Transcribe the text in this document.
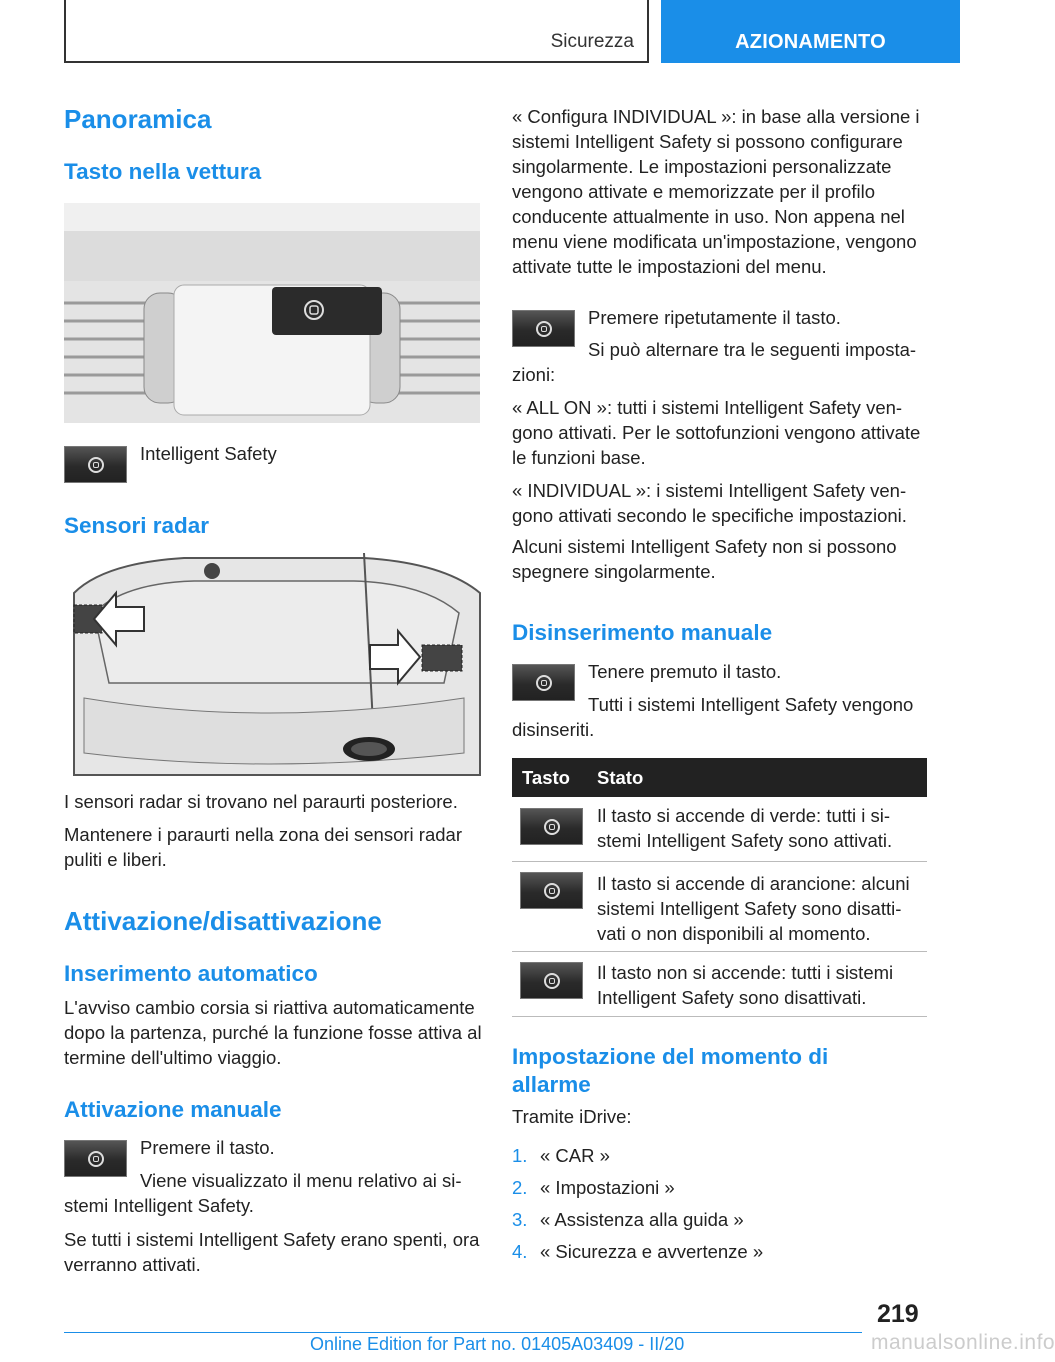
Sicurezza	AZIONAMENTO
Panoramica
Tasto nella vettura

Intelligent Safety

Sensori radar

I sensori radar si trovano nel paraurti posteriore.

Mantenere i paraurti nella zona dei sensori radar puliti e liberi.

Attivazione/disattivazione
Inserimento automatico

L'avviso cambio corsia si riattiva automaticamente dopo la partenza, purché la funzione fosse attiva al termine dell'ultimo viaggio.

Attivazione manuale

Premere il tasto.

Viene visualizzato il menu relativo ai sistemi Intelligent Safety.

Se tutti i sistemi Intelligent Safety erano spenti, ora verranno attivati.

« Configura INDIVIDUAL »: in base alla versione i sistemi Intelligent Safety si possono configurare singolarmente. Le impostazioni personalizzate vengono attivate e memorizzate per il profilo conducente attualmente in uso. Non appena nel menu viene modificata un'impostazione, vengono attivate tutte le impostazioni del menu.

Premere ripetutamente il tasto.

Si può alternare tra le seguenti impostazioni:

« ALL ON »: tutti i sistemi Intelligent Safety vengono attivati. Per le sottofunzioni vengono attivate le funzioni base.

« INDIVIDUAL »: i sistemi Intelligent Safety vengono attivati secondo le specifiche impostazioni.

Alcuni sistemi Intelligent Safety non si possono spegnere singolarmente.

Disinserimento manuale

Tenere premuto il tasto.

Tutti i sistemi Intelligent Safety vengono disinseriti.

Tasto Stato

Il tasto si accende di verde: tutti i sistemi Intelligent Safety sono attivati.

Il tasto si accende di arancione: alcuni sistemi Intelligent Safety sono disattivati o non disponibili al momento.

Il tasto non si accende: tutti i sistemi Intelligent Safety sono disattivati.

Impostazione del momento di allarme

Tramite iDrive:

1. « CAR »
2. « Impostazioni »
3. « Assistenza alla guida »
4. « Sicurezza e avvertenze »
219
Online Edition for Part no. 01405A03409 - II/20	manualsonline.info
